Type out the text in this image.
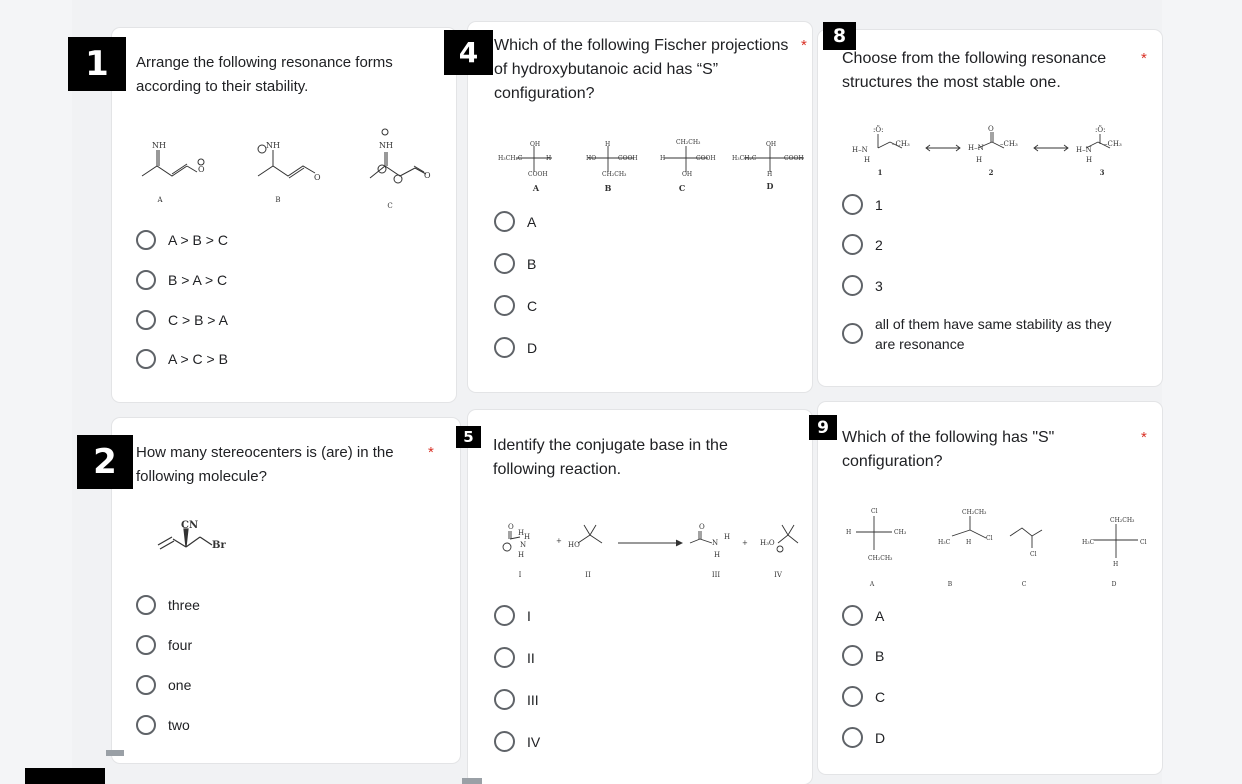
1	Arrange the following resonance forms according to their stability.
NH
O
NH
O
NH
O
A	B
C
A > B > C
B > A > C
C > B > A
A > C > B
2	How many stereocenters is (are) in the following molecule?
*
CN
Br
three
four
one
two
4 Which of the following Fischer projections of hydroxybutanoic acid has “S” configuration?
*
OH
H₃CH₂C	H
COOH
H
HO	COOH
CH₂CH₃
CH₂CH₃
H	COOH
OH
OH
H₃CH₂C	COOH
H
A	B	C	D
A
B
C
D
5	Identify the conjugate base in the following reaction.
O
H H
N
H
+ HO
O
N
H
H
+ H₃O
I	II	III	IV
I
II
III
IV
8
Choose from the following resonance structures the most stable one.
*
:Ö:
H–N
–CH₃
H
O
H–N –CH₃
H
:Ö:
H–N
–CH₃
H
1	2	3
1
2
3
all of them have same stability as they are resonance
9 Which of the following has "S" configuration?
*
Cl
H	CH₃
CH₂CH₃
CH₂CH₃
H₃C
Cl
H
Cl
CH₂CH₃
H₃C	Cl
H
A	B	C	D
A
B
C
D
